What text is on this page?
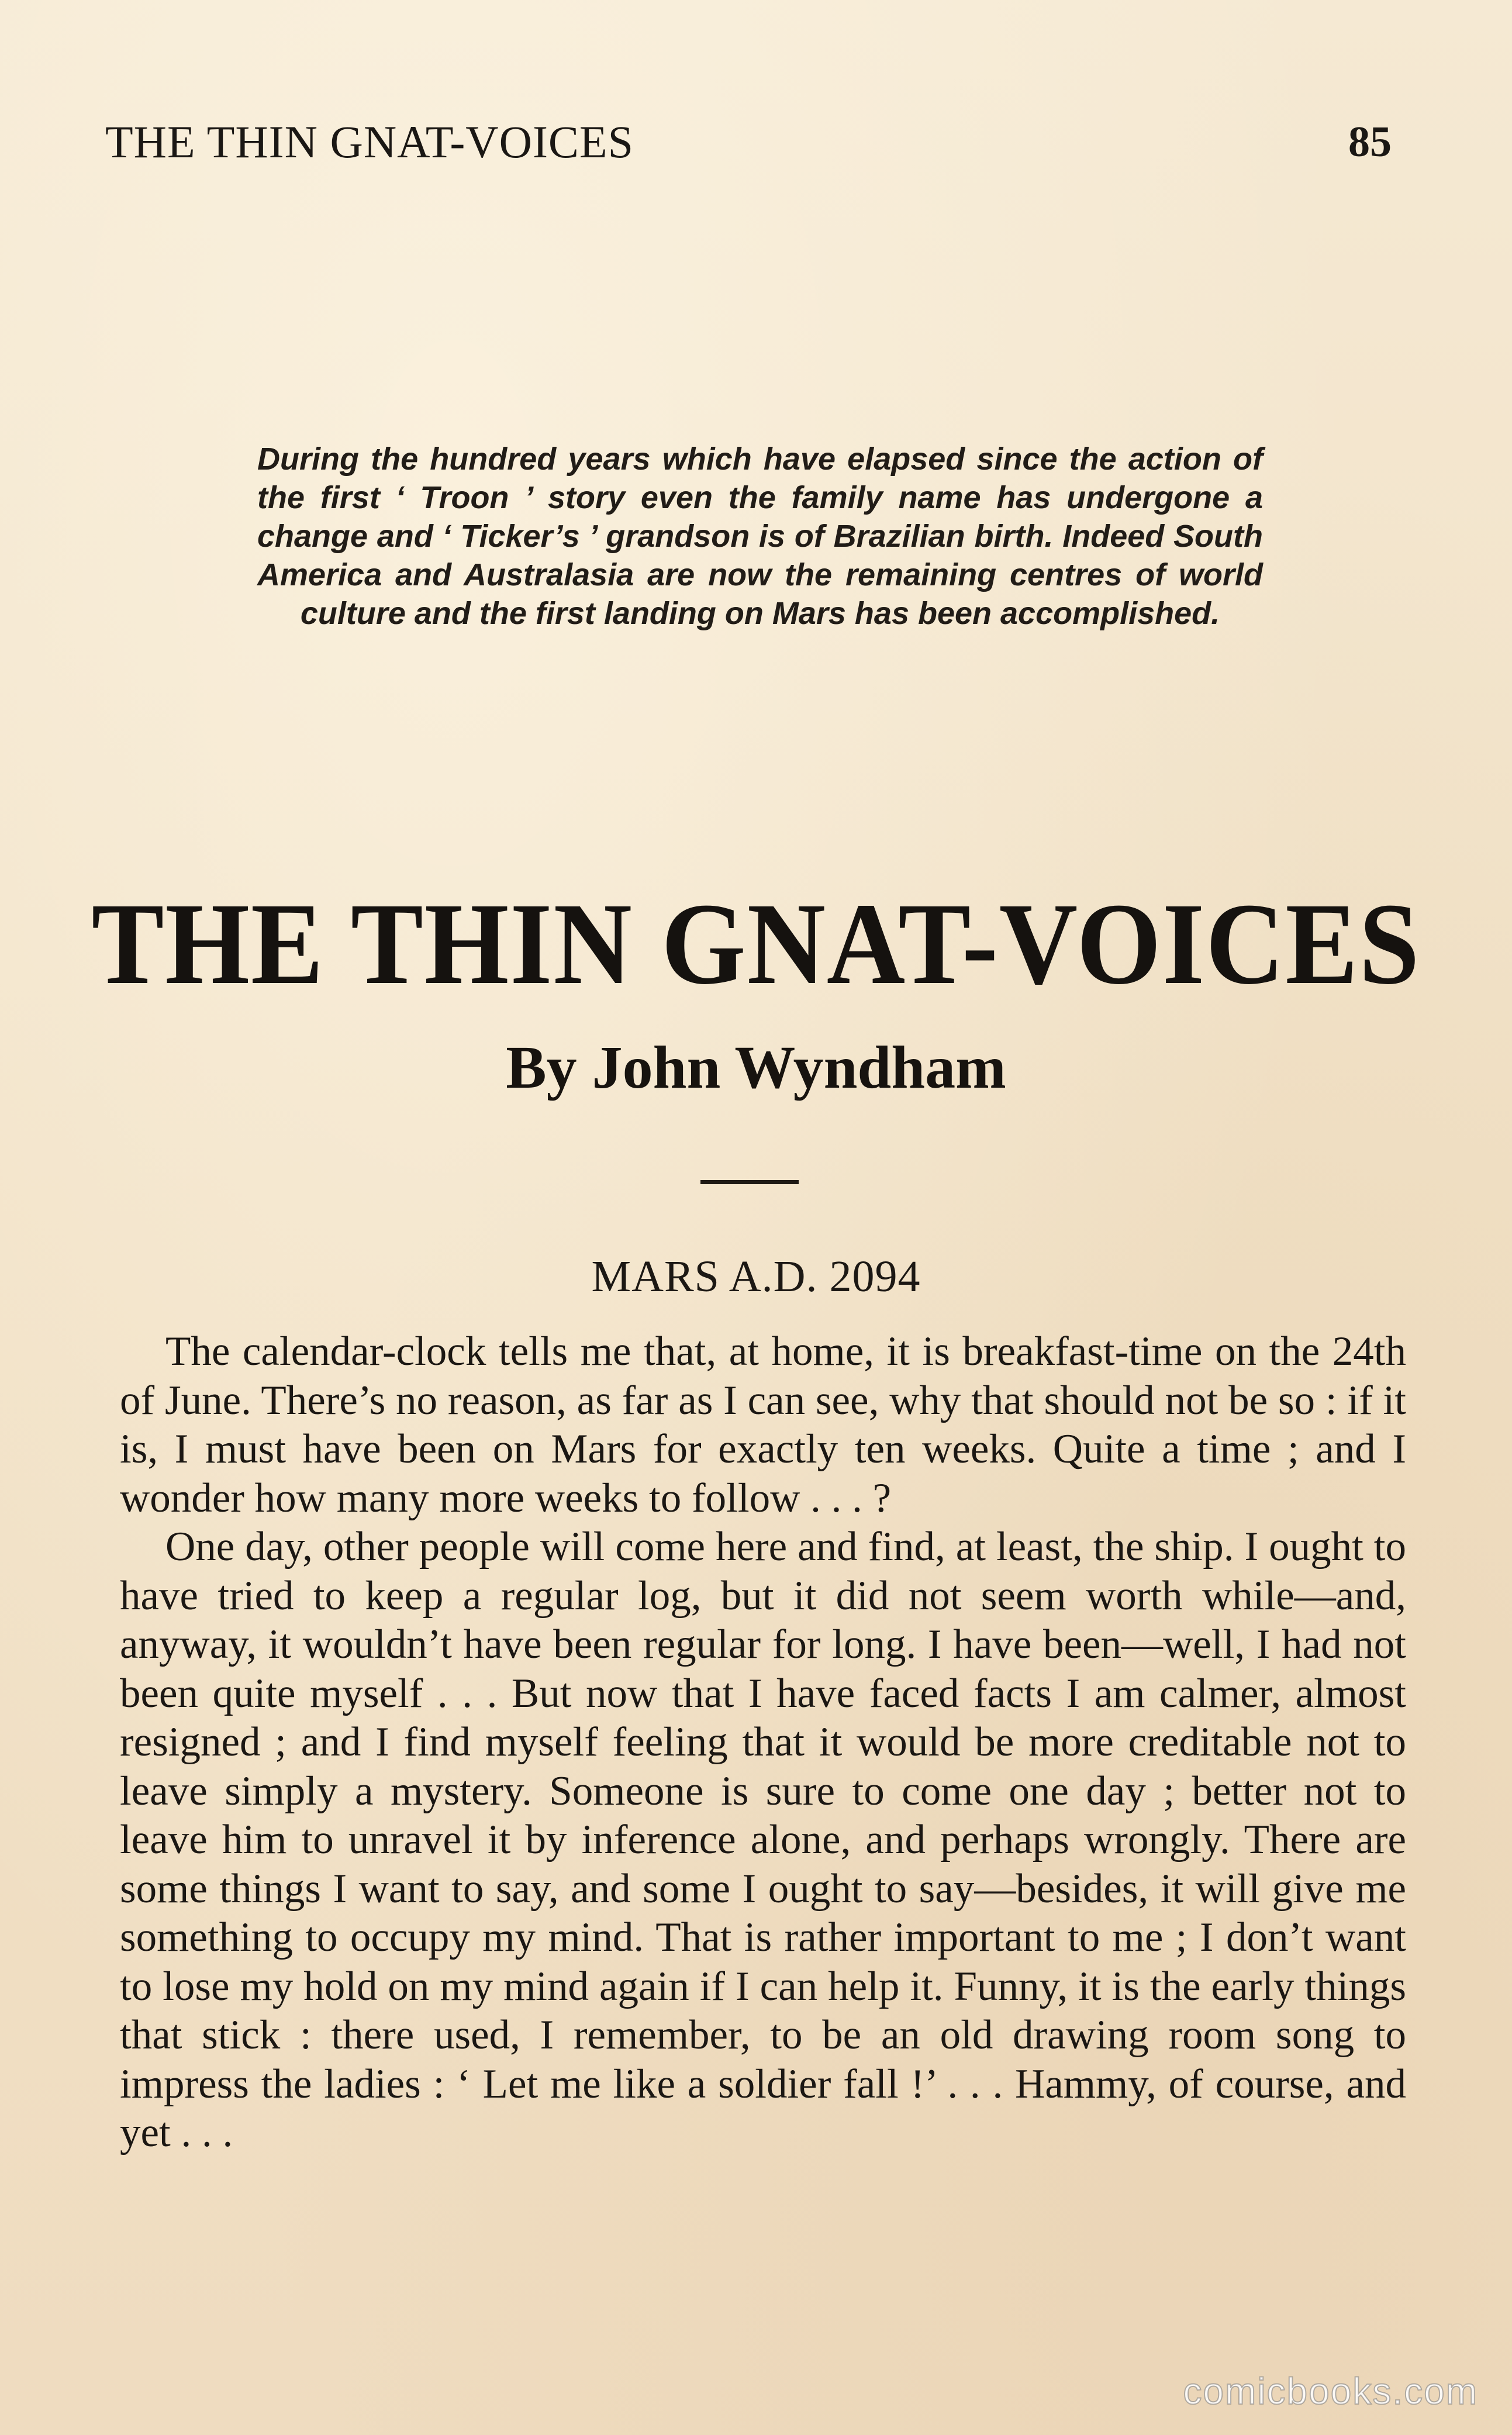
THE THIN GNAT-VOICES	85
During the hundred years which have elapsed since the action of the first ‘ Troon ’ story even the family name has undergone a change and ‘ Ticker’s ’ grandson is of Brazilian birth. Indeed South America and Australasia are now the remaining centres of world culture and the first landing on Mars has been accomplished.
THE THIN GNAT-VOICES
By John Wyndham
MARS A.D. 2094

The calendar-clock tells me that, at home, it is breakfast-time on the 24th of June. There’s no reason, as far as I can see, why that should not be so : if it is, I must have been on Mars for exactly ten weeks. Quite a time ; and I wonder how many more weeks to follow . . . ?

One day, other people will come here and find, at least, the ship. I ought to have tried to keep a regular log, but it did not seem worth while—and, anyway, it wouldn’t have been regular for long. I have been—well, I had not been quite myself . . . But now that I have faced facts I am calmer, almost resigned ; and I find myself feeling that it would be more creditable not to leave simply a mystery. Someone is sure to come one day ; better not to leave him to unravel it by inference alone, and perhaps wrongly. There are some things I want to say, and some I ought to say—besides, it will give me something to occupy my mind. That is rather important to me ; I don’t want to lose my hold on my mind again if I can help it. Funny, it is the early things that stick : there used, I remember, to be an old drawing room song to impress the ladies : ‘ Let me like a soldier fall !’ . . . Hammy, of course, and yet . . .

comicbooks.com
